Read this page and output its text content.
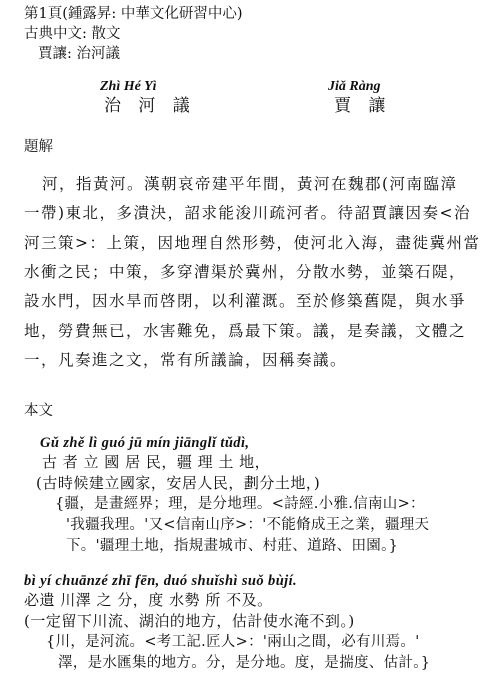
第1頁(鍾露昇: 中華文化研習中心)
古典中文: 散文
賈讓: 治河議
Zhì Hé Yì
治 河 議
Jiǎ Ràng
賈 讓
題解
河，指黃河。漢朝哀帝建平年間，黃河在魏郡(河南臨漳
一帶)東北，多潰決，詔求能浚川疏河者。待詔賈讓因奏<治
河三策>：上策，因地理自然形勢，使河北入海，盡徙冀州當
水衝之民；中策，多穿漕渠於冀州，分散水勢，並築石隄，
設水門，因水旱而啓閉，以利灌溉。至於修築舊隄，與水爭
地，勞費無已，水害難免，爲最下策。議，是奏議，文體之
一，凡奏進之文，常有所議論，因稱奏議。
本文
Gǔ zhě lì guó jū mín jiānglǐ tǔdì,
古 者 立 國 居 民，疆 理 土 地，
(古時候建立國家，安居人民，劃分土地，)
{疆，是畫經界；理，是分地理。<詩經.小雅.信南山>：
'我疆我理。'又<信南山序>：'不能脩成王之業，疆理天
下。'疆理土地，指規畫城市、村莊、道路、田園。}
bì yí chuānzé zhī fēn, duó shuǐshì suǒ bùjí.
必遺 川澤 之 分，度 水勢 所 不及。
(一定留下川流、湖泊的地方，估計使水淹不到。)
{川，是河流。<考工記.匠人>：'兩山之間，必有川焉。'
澤，是水匯集的地方。分，是分地。度，是揣度、估計。}
